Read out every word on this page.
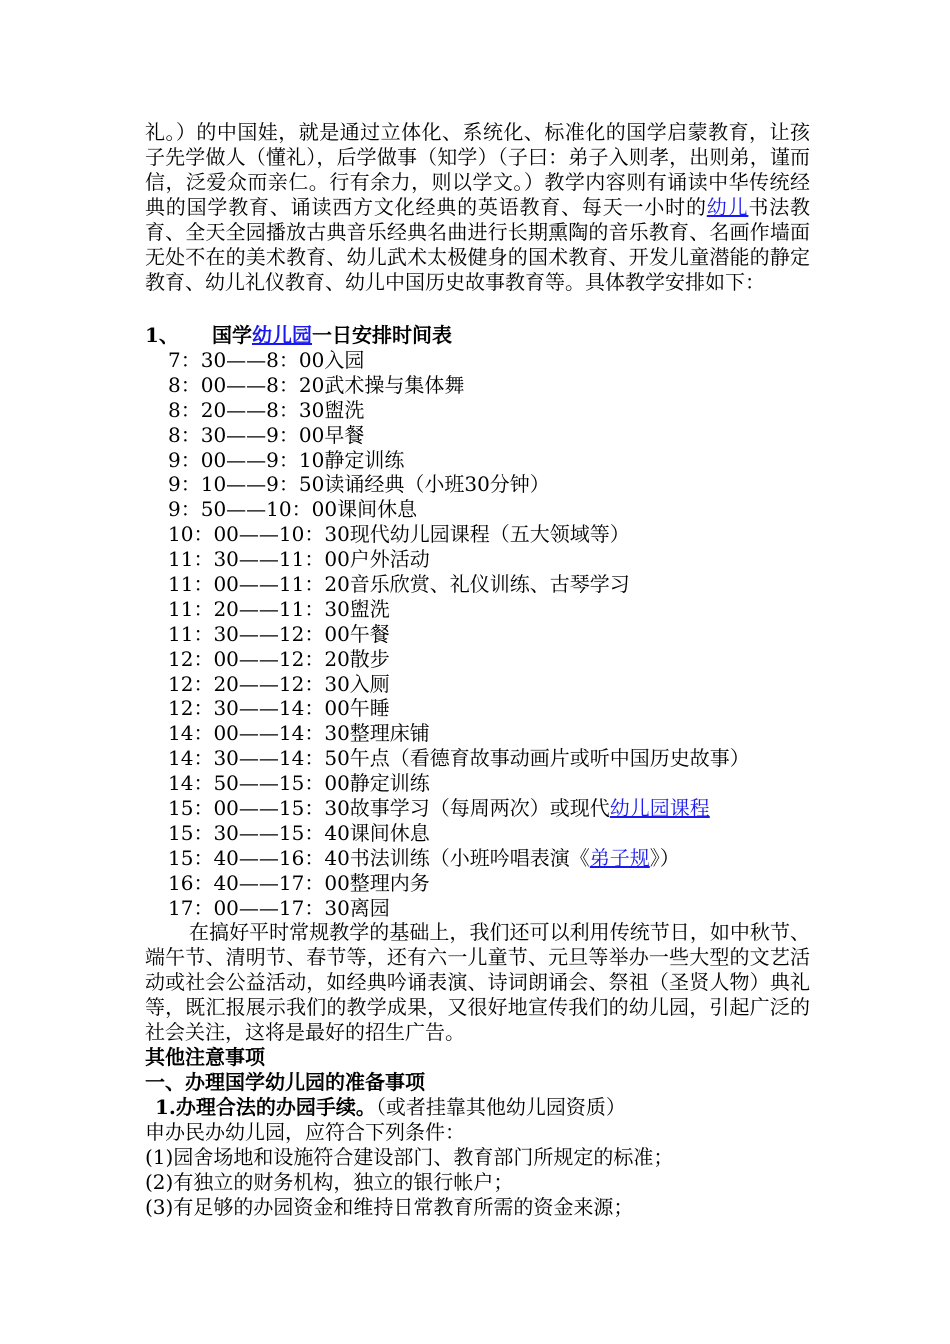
礼。）的中国娃，就是通过立体化、系统化、标准化的国学启蒙教育，让孩子先学做人（懂礼），后学做事（知学）（子曰：弟子入则孝，出则弟，谨而信，泛爱众而亲仁。行有余力，则以学文。）教学内容则有诵读中华传统经典的国学教育、诵读西方文化经典的英语教育、每天一小时的幼儿书法教育、全天全园播放古典音乐经典名曲进行长期熏陶的音乐教育、名画作墙面无处不在的美术教育、幼儿武术太极健身的国术教育、开发儿童潜能的静定教育、幼儿礼仪教育、幼儿中国历史故事教育等。具体教学安排如下：

1、 国学幼儿园一日安排时间表
7：30——8：00入园
8：00——8：20武术操与集体舞
8：20——8：30盥洗
8：30——9：00早餐
9：00——9：10静定训练
9：10——9：50读诵经典（小班30分钟）
9：50——10：00课间休息
10：00——10：30现代幼儿园课程（五大领域等）
11：30——11：00户外活动
11：00——11：20音乐欣赏、礼仪训练、古琴学习
11：20——11：30盥洗
11：30——12：00午餐
12：00——12：20散步
12：20——12：30入厕
12：30——14：00午睡
14：00——14：30整理床铺
14：30——14：50午点（看德育故事动画片或听中国历史故事）
14：50——15：00静定训练
15：00——15：30故事学习（每周两次）或现代幼儿园课程
15：30——15：40课间休息
15：40——16：40书法训练（小班吟唱表演《弟子规》）
16：40——17：00整理内务
17：00——17：30离园

在搞好平时常规教学的基础上，我们还可以利用传统节日，如中秋节、端午节、清明节、春节等，还有六一儿童节、元旦等举办一些大型的文艺活动或社会公益活动，如经典吟诵表演、诗词朗诵会、祭祖（圣贤人物）典礼等，既汇报展示我们的教学成果，又很好地宣传我们的幼儿园，引起广泛的社会关注，这将是最好的招生广告。

其他注意事项
一、办理国学幼儿园的准备事项
1.办理合法的办园手续。（或者挂靠其他幼儿园资质）
申办民办幼儿园，应符合下列条件：
(1)园舍场地和设施符合建设部门、教育部门所规定的标准；
(2)有独立的财务机构，独立的银行帐户；
(3)有足够的办园资金和维持日常教育所需的资金来源；
